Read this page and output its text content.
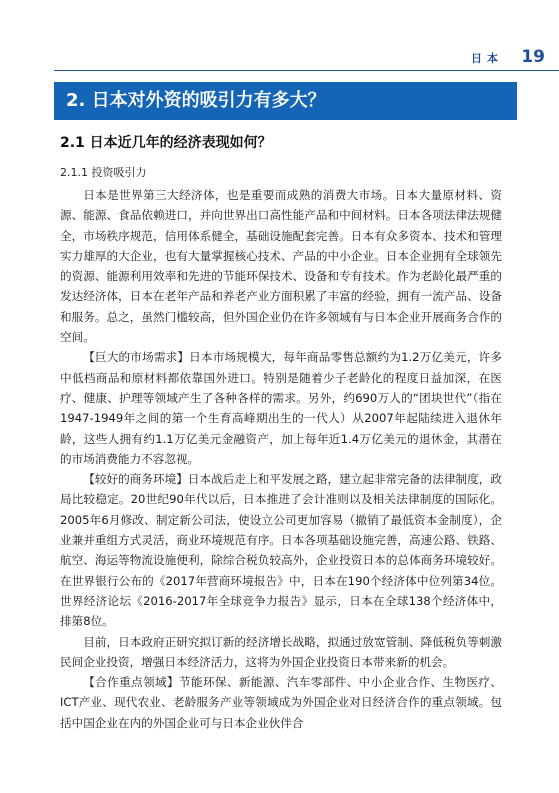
日本 19
2. 日本对外资的吸引力有多大？
2.1 日本近几年的经济表现如何？
2.1.1 投资吸引力

日本是世界第三大经济体，也是重要而成熟的消费大市场。日本大量原材料、资源、能源、食品依赖进口，并向世界出口高性能产品和中间材料。日本各项法律法规健全，市场秩序规范，信用体系健全，基础设施配套完善。日本有众多资本、技术和管理实力雄厚的大企业，也有大量掌握核心技术、产品的中小企业。日本企业拥有全球领先的资源、能源利用效率和先进的节能环保技术、设备和专有技术。作为老龄化最严重的发达经济体，日本在老年产品和养老产业方面积累了丰富的经验，拥有一流产品、设备和服务。总之，虽然门槛较高，但外国企业仍在许多领域有与日本企业开展商务合作的空间。

【巨大的市场需求】日本市场规模大，每年商品零售总额约为1.2万亿美元，许多中低档商品和原材料都依靠国外进口。特别是随着少子老龄化的程度日益加深，在医疗、健康、护理等领域产生了各种各样的需求。另外，约690万人的“团块世代”（指在1947-1949年之间的第一个生育高峰期出生的一代人）从2007年起陆续进入退休年龄，这些人拥有约1.1万亿美元金融资产，加上每年近1.4万亿美元的退休金，其潜在的市场消费能力不容忽视。

【较好的商务环境】日本战后走上和平发展之路，建立起非常完备的法律制度，政局比较稳定。20世纪90年代以后，日本推进了会计准则以及相关法律制度的国际化。2005年6月修改、制定新公司法，使设立公司更加容易（撤销了最低资本金制度），企业兼并重组方式灵活，商业环境规范有序。日本各项基础设施完善，高速公路、铁路、航空、海运等物流设施便利，除综合税负较高外，企业投资日本的总体商务环境较好。在世界银行公布的《2017年营商环境报告》中，日本在190个经济体中位列第34位。世界经济论坛《2016-2017年全球竞争力报告》显示，日本在全球138个经济体中，排第8位。

目前，日本政府正研究拟订新的经济增长战略，拟通过放宽管制、降低税负等刺激民间企业投资，增强日本经济活力，这将为外国企业投资日本带来新的机会。

【合作重点领域】节能环保、新能源、汽车零部件、中小企业合作、生物医疗、ICT产业、现代农业、老龄服务产业等领域成为外国企业对日经济合作的重点领域。包括中国企业在内的外国企业可与日本企业伙伴合
